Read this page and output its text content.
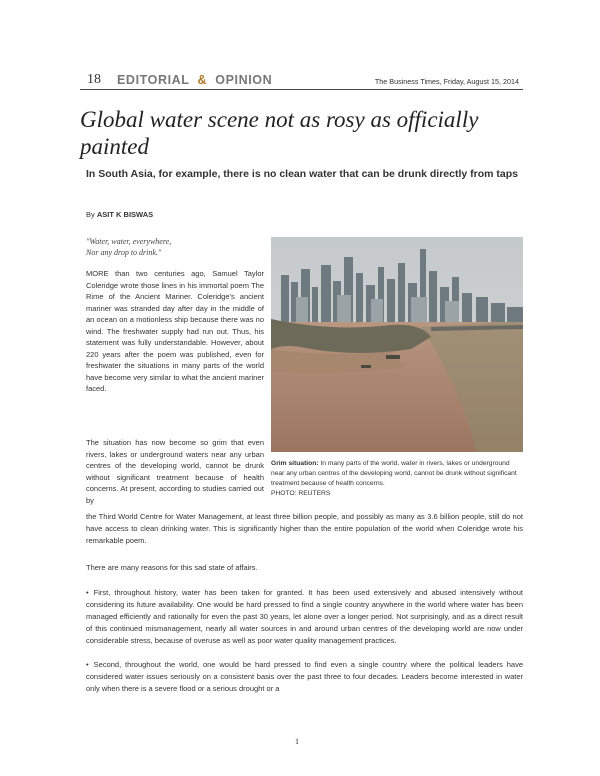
18 EDITORIAL & OPINION	The Business Times, Friday, August 15, 2014
Global water scene not as rosy as officially painted

In South Asia, for example, there is no clean water that can be drunk directly from taps

By ASIT K BISWAS
"Water, water, everywhere,
Nor any drop to drink."

MORE than two centuries ago, Samuel Taylor Coleridge wrote those lines in his immortal poem The Rime of the Ancient Mariner. Coleridge's ancient mariner was stranded day after day in the middle of an ocean on a motionless ship because there was no wind. The freshwater supply had run out. Thus, his statement was fully understandable. However, about 220 years after the poem was published, even for freshwater the situations in many parts of the world have become very similar to what the ancient mariner faced.

The situation has now become so grim that even rivers, lakes or underground waters near any urban centres of the developing world, cannot be drunk without significant treatment because of health concerns. At present, according to studies carried out by

Grim situation: In many parts of the world, water in rivers, lakes or underground near any urban centres of the developing world, cannot be drunk without significant treatment because of health concerns.
PHOTO: REUTERS

the Third World Centre for Water Management, at least three billion people, and possibly as many as 3.6 billion people, still do not have access to clean drinking water. This is significantly higher than the entire population of the world when Coleridge wrote his remarkable poem.

There are many reasons for this sad state of affairs.

• First, throughout history, water has been taken for granted. It has been used extensively and abused intensively without considering its future availability. One would be hard pressed to find a single country anywhere in the world where water has been managed efficiently and rationally for even the past 30 years, let alone over a longer period. Not surprisingly, and as a direct result of this continued mismanagement, nearly all water sources in and around urban centres of the developing world are now under considerable stress, because of overuse as well as poor water quality management practices.

• Second, throughout the world, one would be hard pressed to find even a single country where the political leaders have considered water issues seriously on a consistent basis over the past three to four decades. Leaders become interested in water only when there is a severe flood or a serious drought or a

1
